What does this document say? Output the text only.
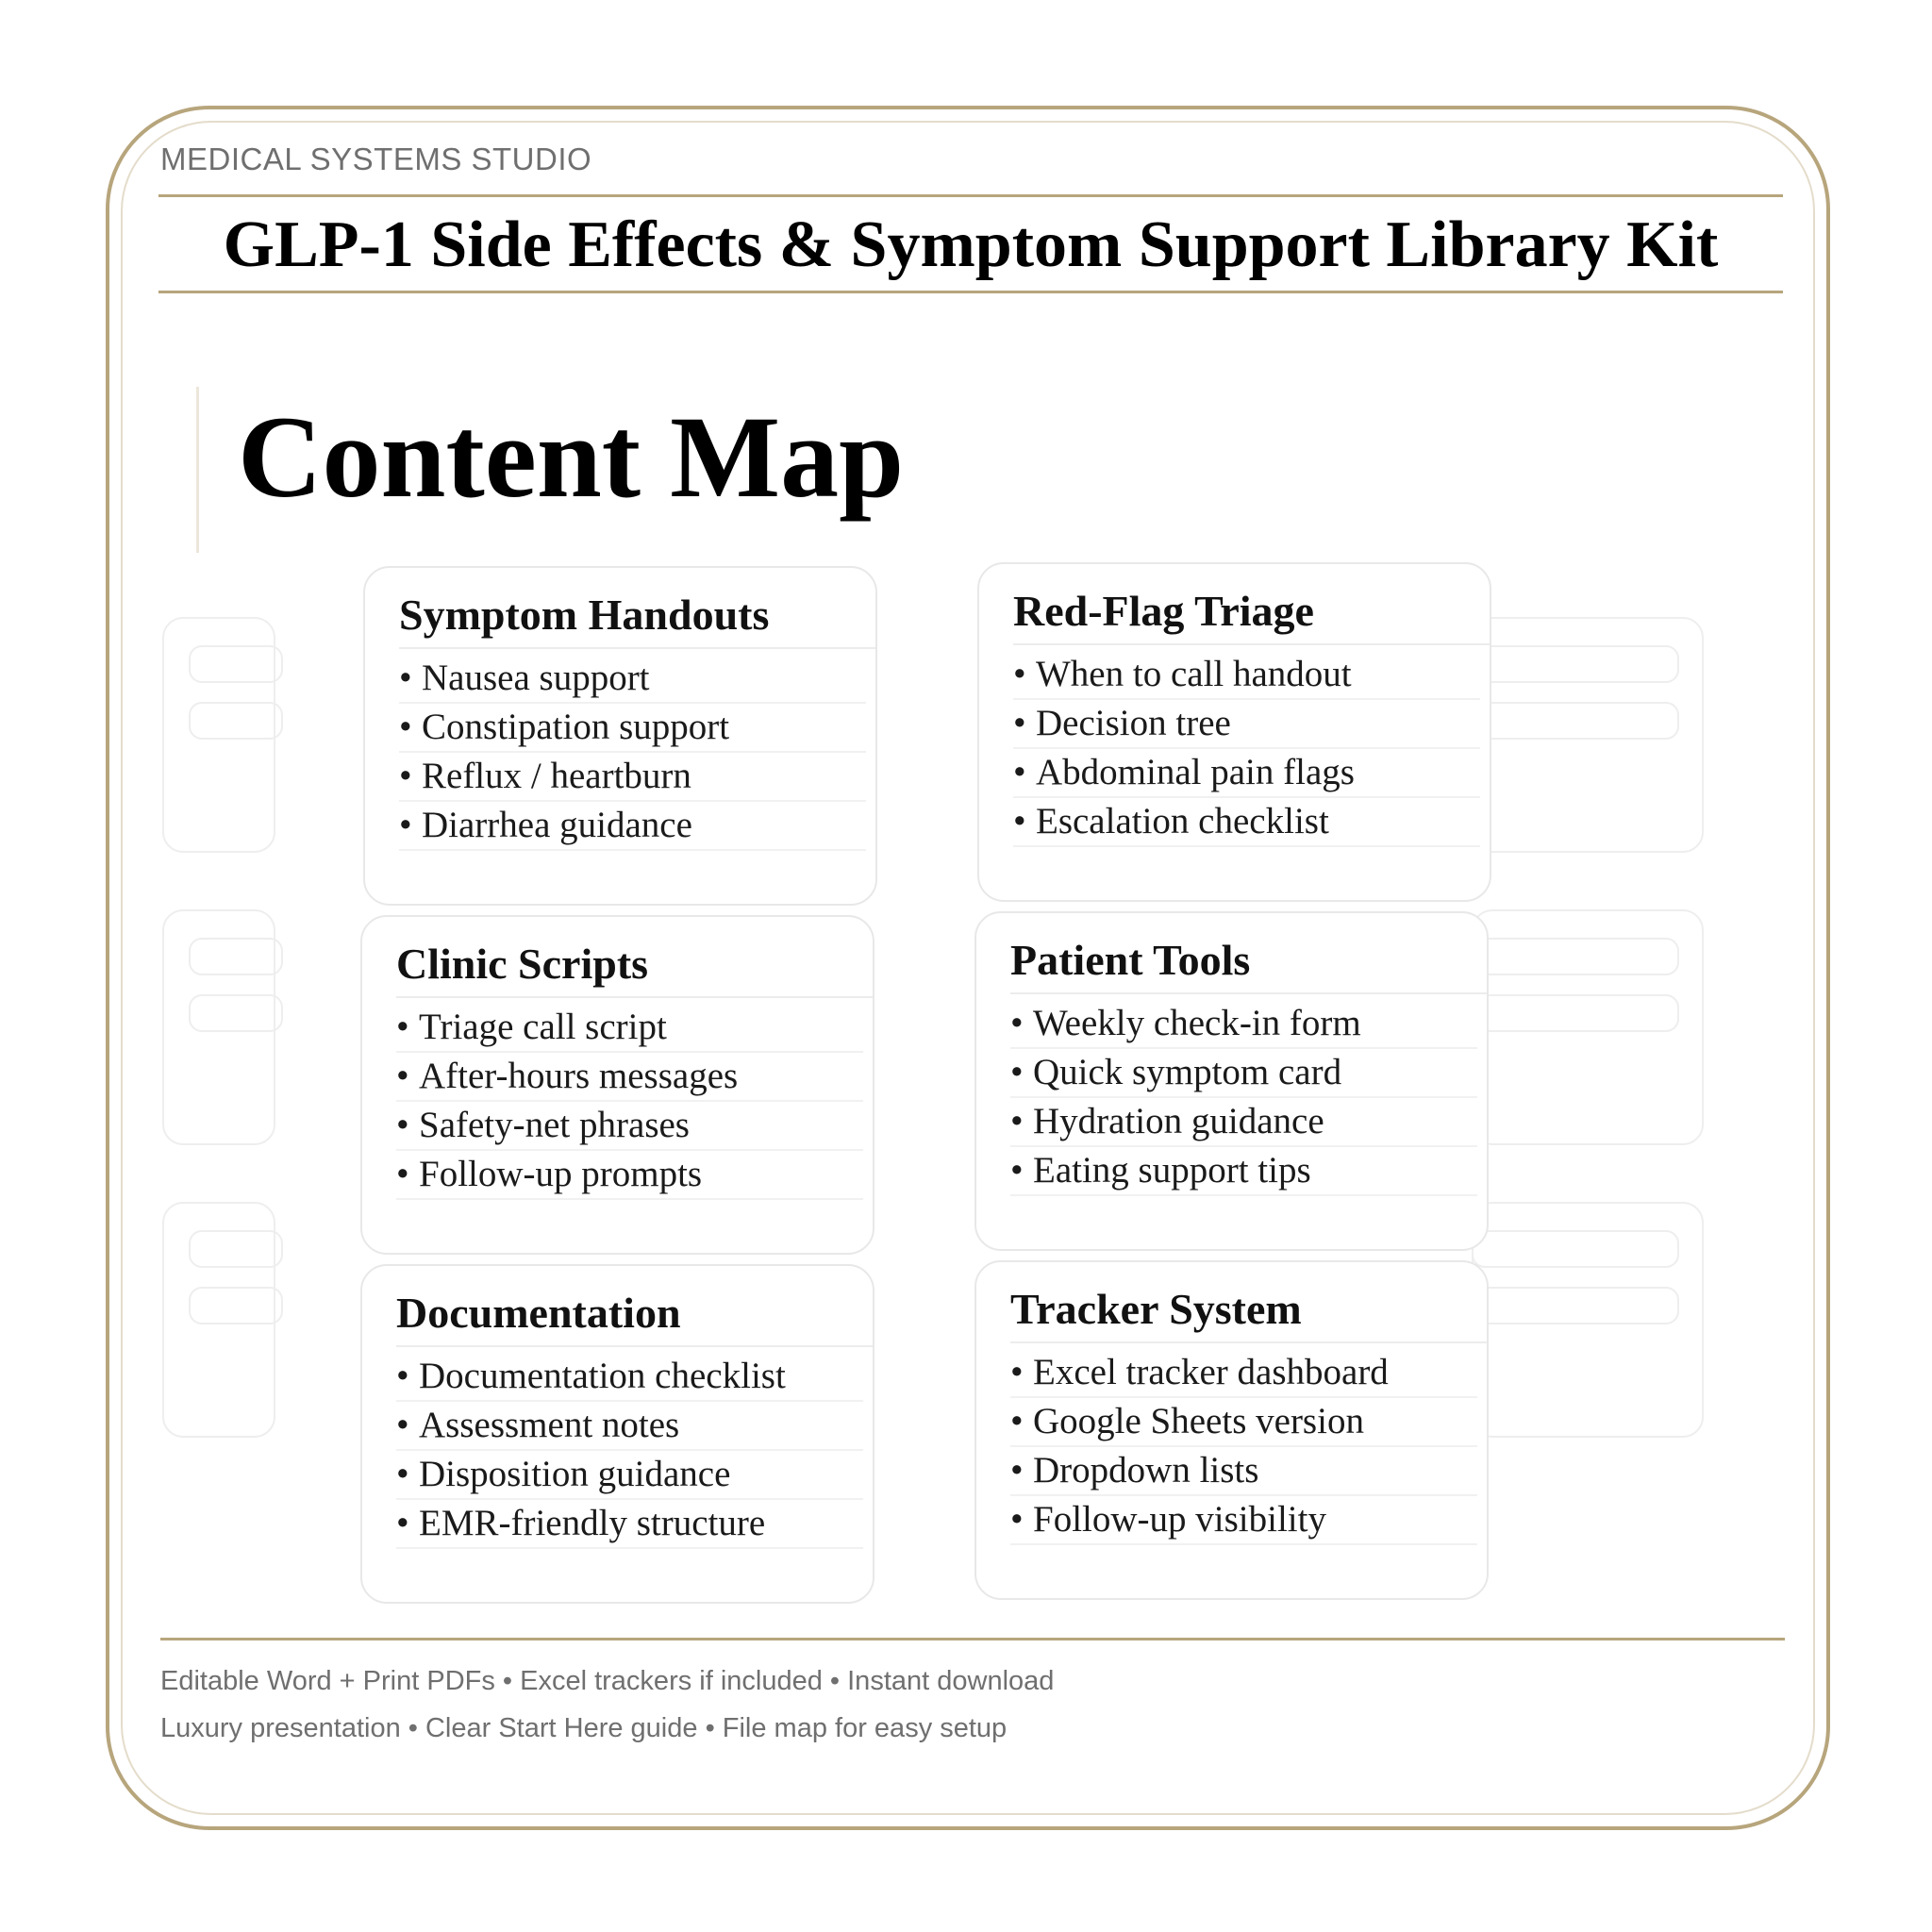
MEDICAL SYSTEMS STUDIO
GLP-1 Side Effects & Symptom Support Library Kit
Content Map
Symptom Handouts
• Nausea support
• Constipation support
• Reflux / heartburn
• Diarrhea guidance
Red-Flag Triage
• When to call handout
• Decision tree
• Abdominal pain flags
• Escalation checklist
Clinic Scripts
• Triage call script
• After-hours messages
• Safety-net phrases
• Follow-up prompts
Patient Tools
• Weekly check-in form
• Quick symptom card
• Hydration guidance
• Eating support tips
Documentation
• Documentation checklist
• Assessment notes
• Disposition guidance
• EMR-friendly structure
Tracker System
• Excel tracker dashboard
• Google Sheets version
• Dropdown lists
• Follow-up visibility
Editable Word + Print PDFs • Excel trackers if included • Instant download
Luxury presentation • Clear Start Here guide • File map for easy setup
